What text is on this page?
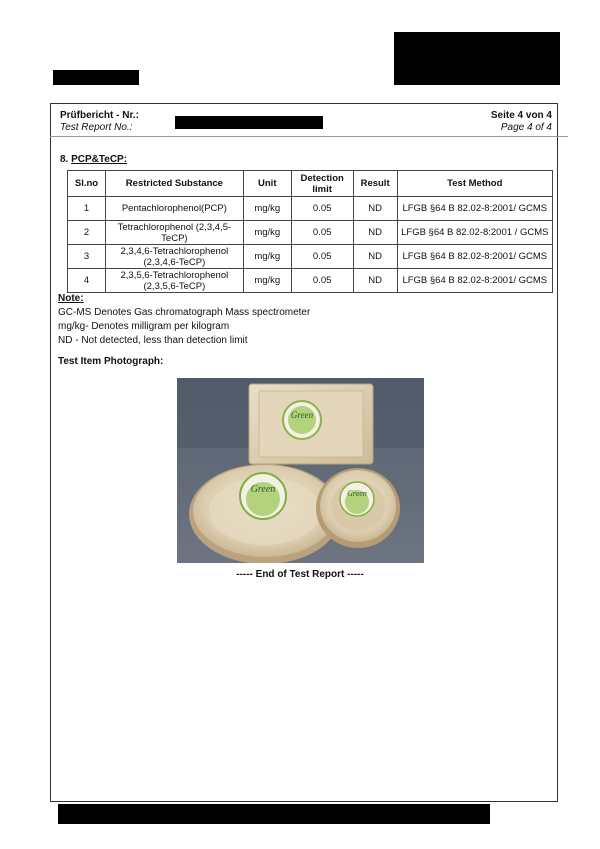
Prüfbericht - Nr.:
Test Report No.:
Seite 4 von 4
Page 4 of 4
8. PCP&TeCP:
Sl.no	Restricted Substance	Unit	Detection limit	Result	Test Method
1	Pentachlorophenol(PCP)	mg/kg	0.05	ND	LFGB §64 B 82.02-8:2001/ GCMS
2	Tetrachlorophenol (2,3,4,5-TeCP)	mg/kg	0.05	ND	LFGB §64 B 82.02-8:2001 / GCMS
3	2,3,4,6-Tetrachlorophenol (2,3,4,6-TeCP)	mg/kg	0.05	ND	LFGB §64 B 82.02-8:2001/ GCMS
4	2,3,5,6-Tetrachlorophenol (2,3,5,6-TeCP)	mg/kg	0.05	ND	LFGB §64 B 82.02-8:2001/ GCMS
Note:
GC-MS Denotes Gas chromatograph Mass spectrometer
mg/kg- Denotes milligram per kilogram
ND - Not detected, less than detection limit
Test Item Photograph:
Green
Green	Green
----- End of Test Report -----
